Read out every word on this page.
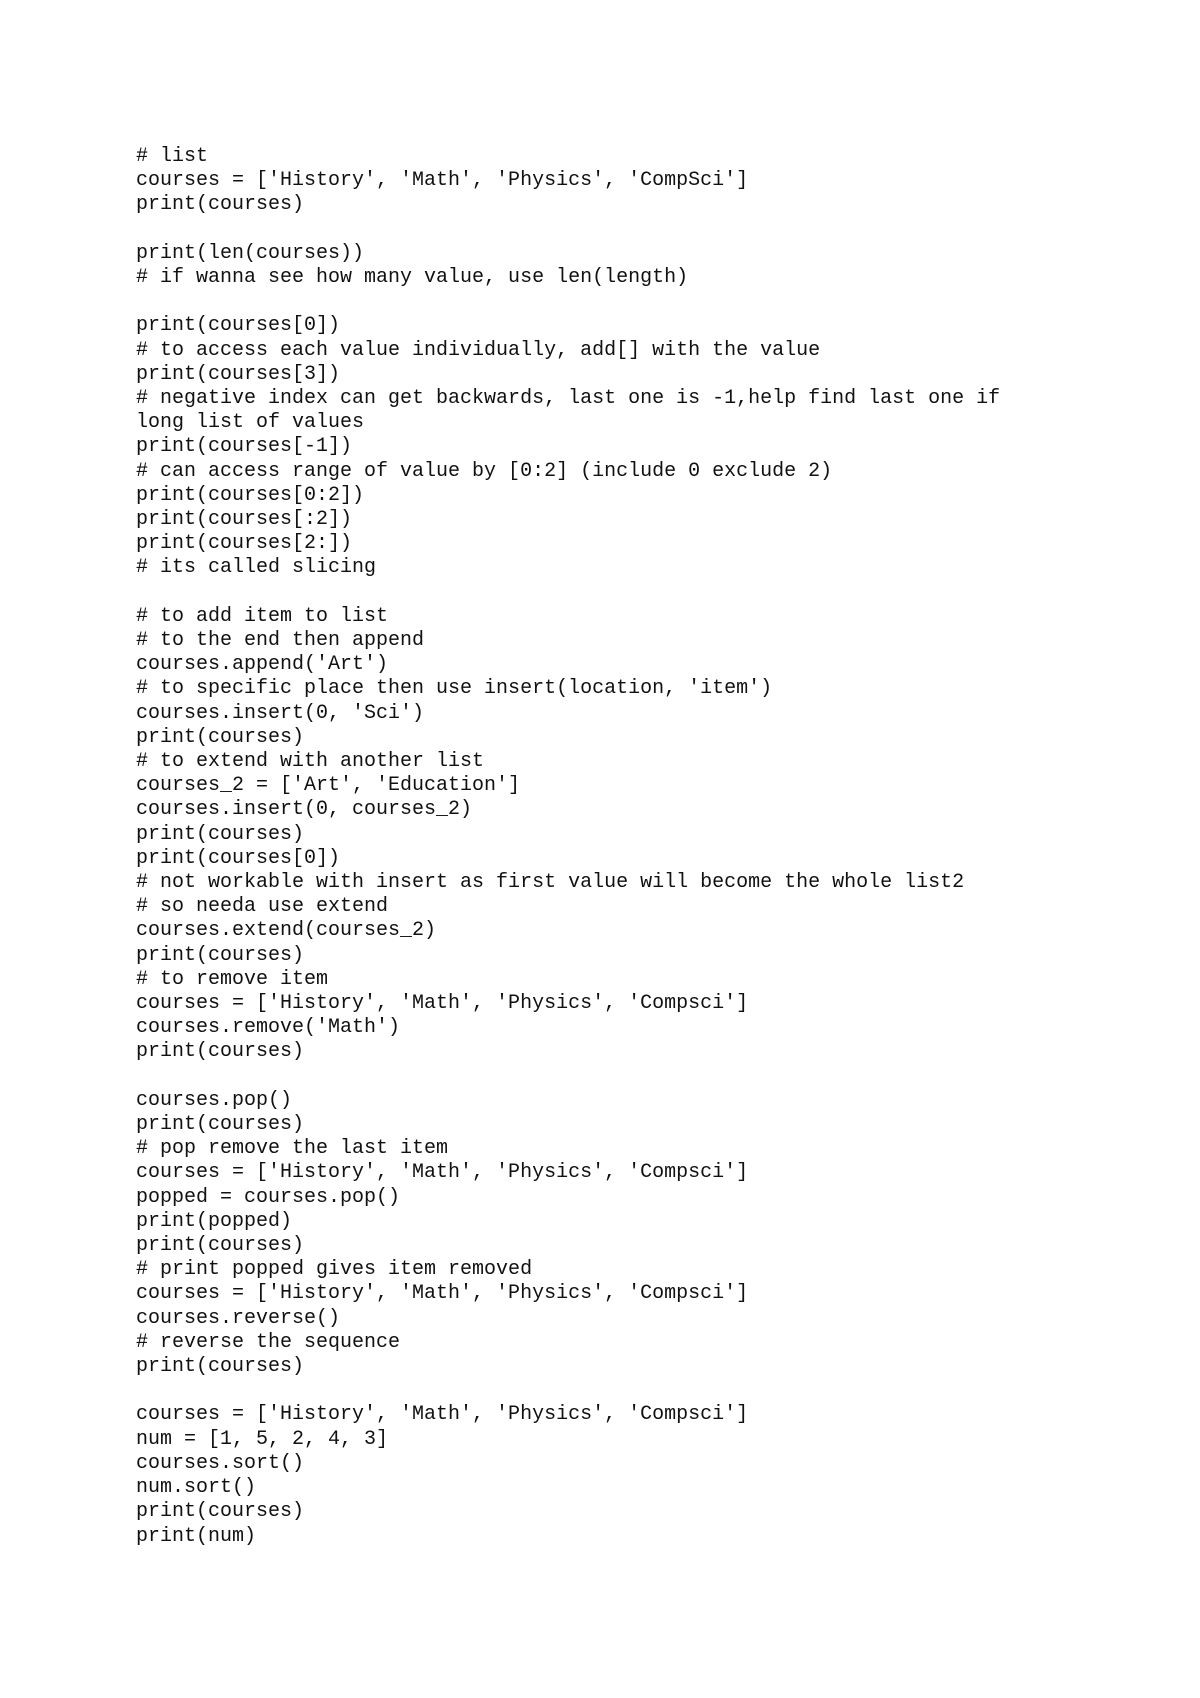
# list
courses = ['History', 'Math', 'Physics', 'CompSci']
print(courses)
print(len(courses))
# if wanna see how many value, use len(length)
print(courses[0])
# to access each value individually, add[] with the value
print(courses[3])
# negative index can get backwards, last one is -1,help find last one if
long list of values
print(courses[-1])
# can access range of value by [0:2] (include 0 exclude 2)
print(courses[0:2])
print(courses[:2])
print(courses[2:])
# its called slicing
# to add item to list
# to the end then append
courses.append('Art')
# to specific place then use insert(location, 'item')
courses.insert(0, 'Sci')
print(courses)
# to extend with another list
courses_2 = ['Art', 'Education']
courses.insert(0, courses_2)
print(courses)
print(courses[0])
# not workable with insert as first value will become the whole list2
# so needa use extend
courses.extend(courses_2)
print(courses)
# to remove item
courses = ['History', 'Math', 'Physics', 'Compsci']
courses.remove('Math')
print(courses)
courses.pop()
print(courses)
# pop remove the last item
courses = ['History', 'Math', 'Physics', 'Compsci']
popped = courses.pop()
print(popped)
print(courses)
# print popped gives item removed
courses = ['History', 'Math', 'Physics', 'Compsci']
courses.reverse()
# reverse the sequence
print(courses)
courses = ['History', 'Math', 'Physics', 'Compsci']
num = [1, 5, 2, 4, 3]
courses.sort()
num.sort()
print(courses)
print(num)
